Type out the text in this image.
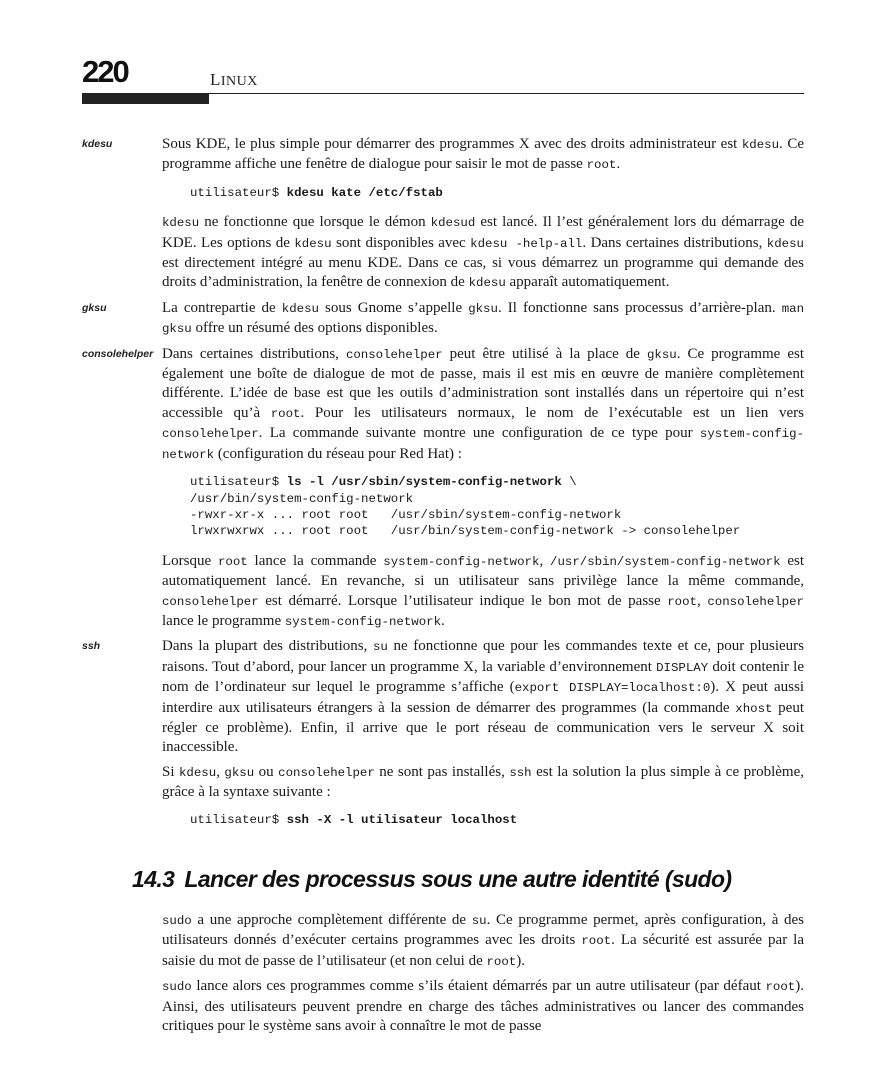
220	LINUX
kdesu	Sous KDE, le plus simple pour démarrer des programmes X avec des droits administrateur est kdesu. Ce programme affiche une fenêtre de dialogue pour saisir le mot de passe root.

utilisateur$ kdesu kate /etc/fstab

kdesu ne fonctionne que lorsque le démon kdesud est lancé. Il l’est généralement lors du démarrage de KDE. Les options de kdesu sont disponibles avec kdesu -help-all. Dans certaines distributions, kdesu est directement intégré au menu KDE. Dans ce cas, si vous démarrez un programme qui demande des droits d’administration, la fenêtre de connexion de kdesu apparaît automatiquement.

gksu	La contrepartie de kdesu sous Gnome s’appelle gksu. Il fonctionne sans processus d’arrière-plan. man gksu offre un résumé des options disponibles.

consolehelper Dans certaines distributions, consolehelper peut être utilisé à la place de gksu. Ce programme est également une boîte de dialogue de mot de passe, mais il est mis en œuvre de manière complètement différente. L’idée de base est que les outils d’administration sont installés dans un répertoire qui n’est accessible qu’à root. Pour les utilisateurs normaux, le nom de l’exécutable est un lien vers consolehelper. La commande suivante montre une configuration de ce type pour system-config-network (configuration du réseau pour Red Hat) :

utilisateur$ ls -l /usr/sbin/system-config-network \
/usr/bin/system-config-network
-rwxr-xr-x ... root root   /usr/sbin/system-config-network
lrwxrwxrwx ... root root   /usr/bin/system-config-network -> consolehelper

Lorsque root lance la commande system-config-network, /usr/sbin/system-config-network est automatiquement lancé. En revanche, si un utilisateur sans privilège lance la même commande, consolehelper est démarré. Lorsque l’utilisateur indique le bon mot de passe root, consolehelper lance le programme system-config-network.

ssh	Dans la plupart des distributions, su ne fonctionne que pour les commandes texte et ce, pour plusieurs raisons. Tout d’abord, pour lancer un programme X, la variable d’environnement DISPLAY doit contenir le nom de l’ordinateur sur lequel le programme s’affiche (export DISPLAY=localhost:0). X peut aussi interdire aux utilisateurs étrangers à la session de démarrer des programmes (la commande xhost peut régler ce problème). Enfin, il arrive que le port réseau de communication vers le serveur X soit inaccessible.

Si kdesu, gksu ou consolehelper ne sont pas installés, ssh est la solution la plus simple à ce problème, grâce à la syntaxe suivante :

utilisateur$ ssh -X -l utilisateur localhost
14.3 Lancer des processus sous une autre identité (sudo)

sudo a une approche complètement différente de su. Ce programme permet, après configuration, à des utilisateurs donnés d’exécuter certains programmes avec les droits root. La sécurité est assurée par la saisie du mot de passe de l’utilisateur (et non celui de root).

sudo lance alors ces programmes comme s’ils étaient démarrés par un autre utilisateur (par défaut root). Ainsi, des utilisateurs peuvent prendre en charge des tâches administratives ou lancer des commandes critiques pour le système sans avoir à connaître le mot de passe
